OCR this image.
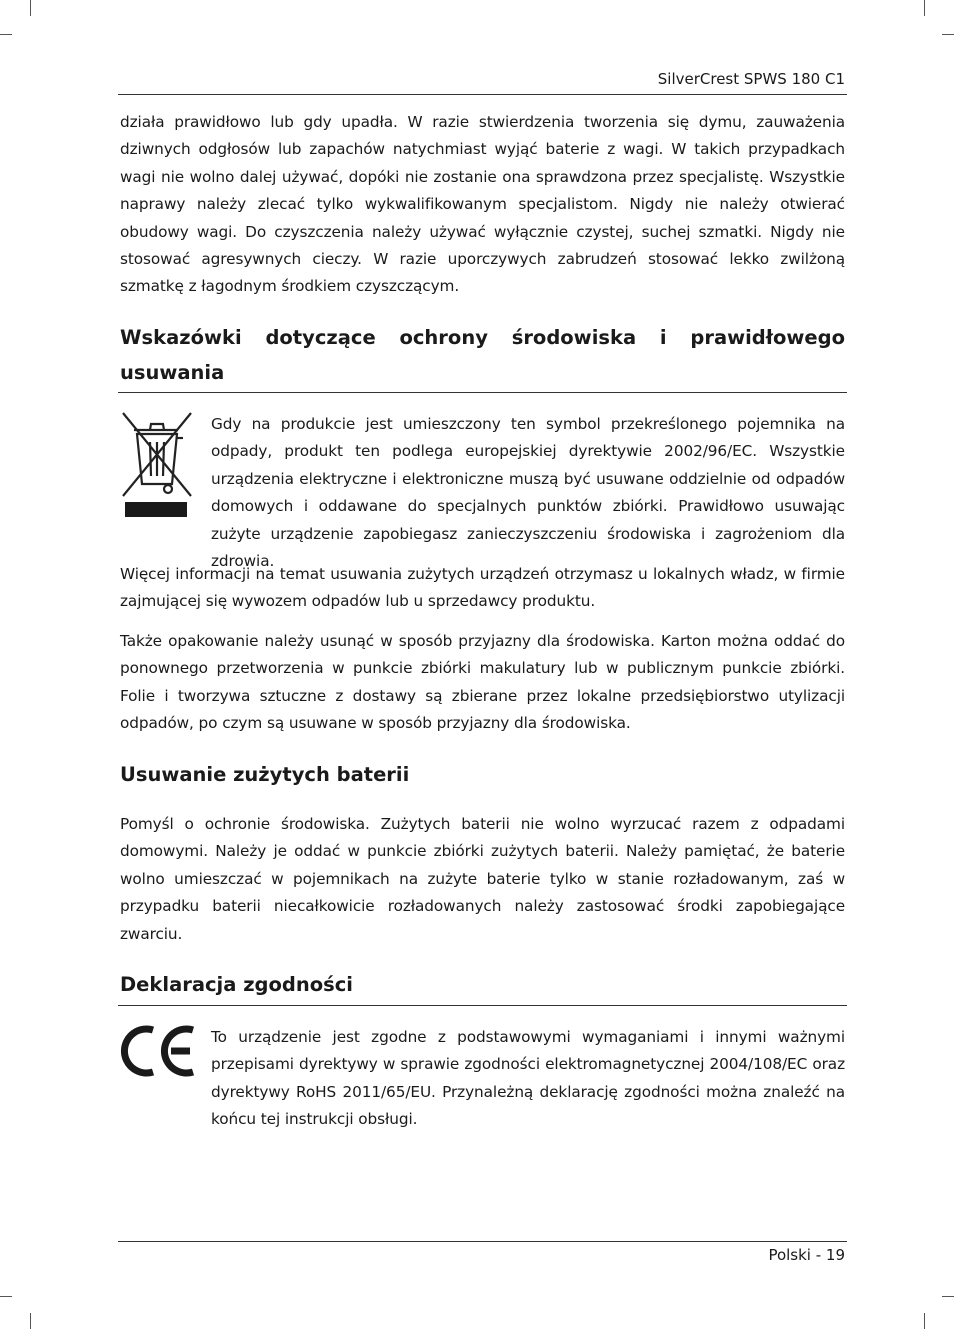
SilverCrest SPWS 180 C1

działa prawidłowo lub gdy upadła. W razie stwierdzenia tworzenia się dymu, zauważenia dziwnych odgłosów lub zapachów natychmiast wyjąć baterie z wagi. W takich przypadkach wagi nie wolno dalej używać, dopóki nie zostanie ona sprawdzona przez specjalistę. Wszystkie naprawy należy zlecać tylko wykwalifikowanym specjalistom. Nigdy nie należy otwierać obudowy wagi. Do czyszczenia należy używać wyłącznie czystej, suchej szmatki. Nigdy nie stosować agresywnych cieczy. W razie uporczywych zabrudzeń stosować lekko zwilżoną szmatkę z łagodnym środkiem czyszczącym.

Wskazówki dotyczące ochrony środowiska i prawidłowego usuwania

Gdy na produkcie jest umieszczony ten symbol przekreślonego pojemnika na odpady, produkt ten podlega europejskiej dyrektywie 2002/96/EC. Wszystkie urządzenia elektryczne i elektroniczne muszą być usuwane oddzielnie od odpadów domowych i oddawane do specjalnych punktów zbiórki. Prawidłowo usuwając zużyte urządzenie zapobiegasz zanieczyszczeniu środowiska i zagrożeniom dla zdrowia.

Więcej informacji na temat usuwania zużytych urządzeń otrzymasz u lokalnych władz, w firmie zajmującej się wywozem odpadów lub u sprzedawcy produktu.

Także opakowanie należy usunąć w sposób przyjazny dla środowiska. Karton można oddać do ponownego przetworzenia w punkcie zbiórki makulatury lub w publicznym punkcie zbiórki. Folie i tworzywa sztuczne z dostawy są zbierane przez lokalne przedsiębiorstwo utylizacji odpadów, po czym są usuwane w sposób przyjazny dla środowiska.

Usuwanie zużytych baterii

Pomyśl o ochronie środowiska. Zużytych baterii nie wolno wyrzucać razem z odpadami domowymi. Należy je oddać w punkcie zbiórki zużytych baterii. Należy pamiętać, że baterie wolno umieszczać w pojemnikach na zużyte baterie tylko w stanie rozładowanym, zaś w przypadku baterii niecałkowicie rozładowanych należy zastosować środki zapobiegające zwarciu.

Deklaracja zgodności

To urządzenie jest zgodne z podstawowymi wymaganiami i innymi ważnymi przepisami dyrektywy w sprawie zgodności elektromagnetycznej 2004/108/EC oraz dyrektywy RoHS 2011/65/EU. Przynależną deklarację zgodności można znaleźć na końcu tej instrukcji obsługi.

Polski - 19
